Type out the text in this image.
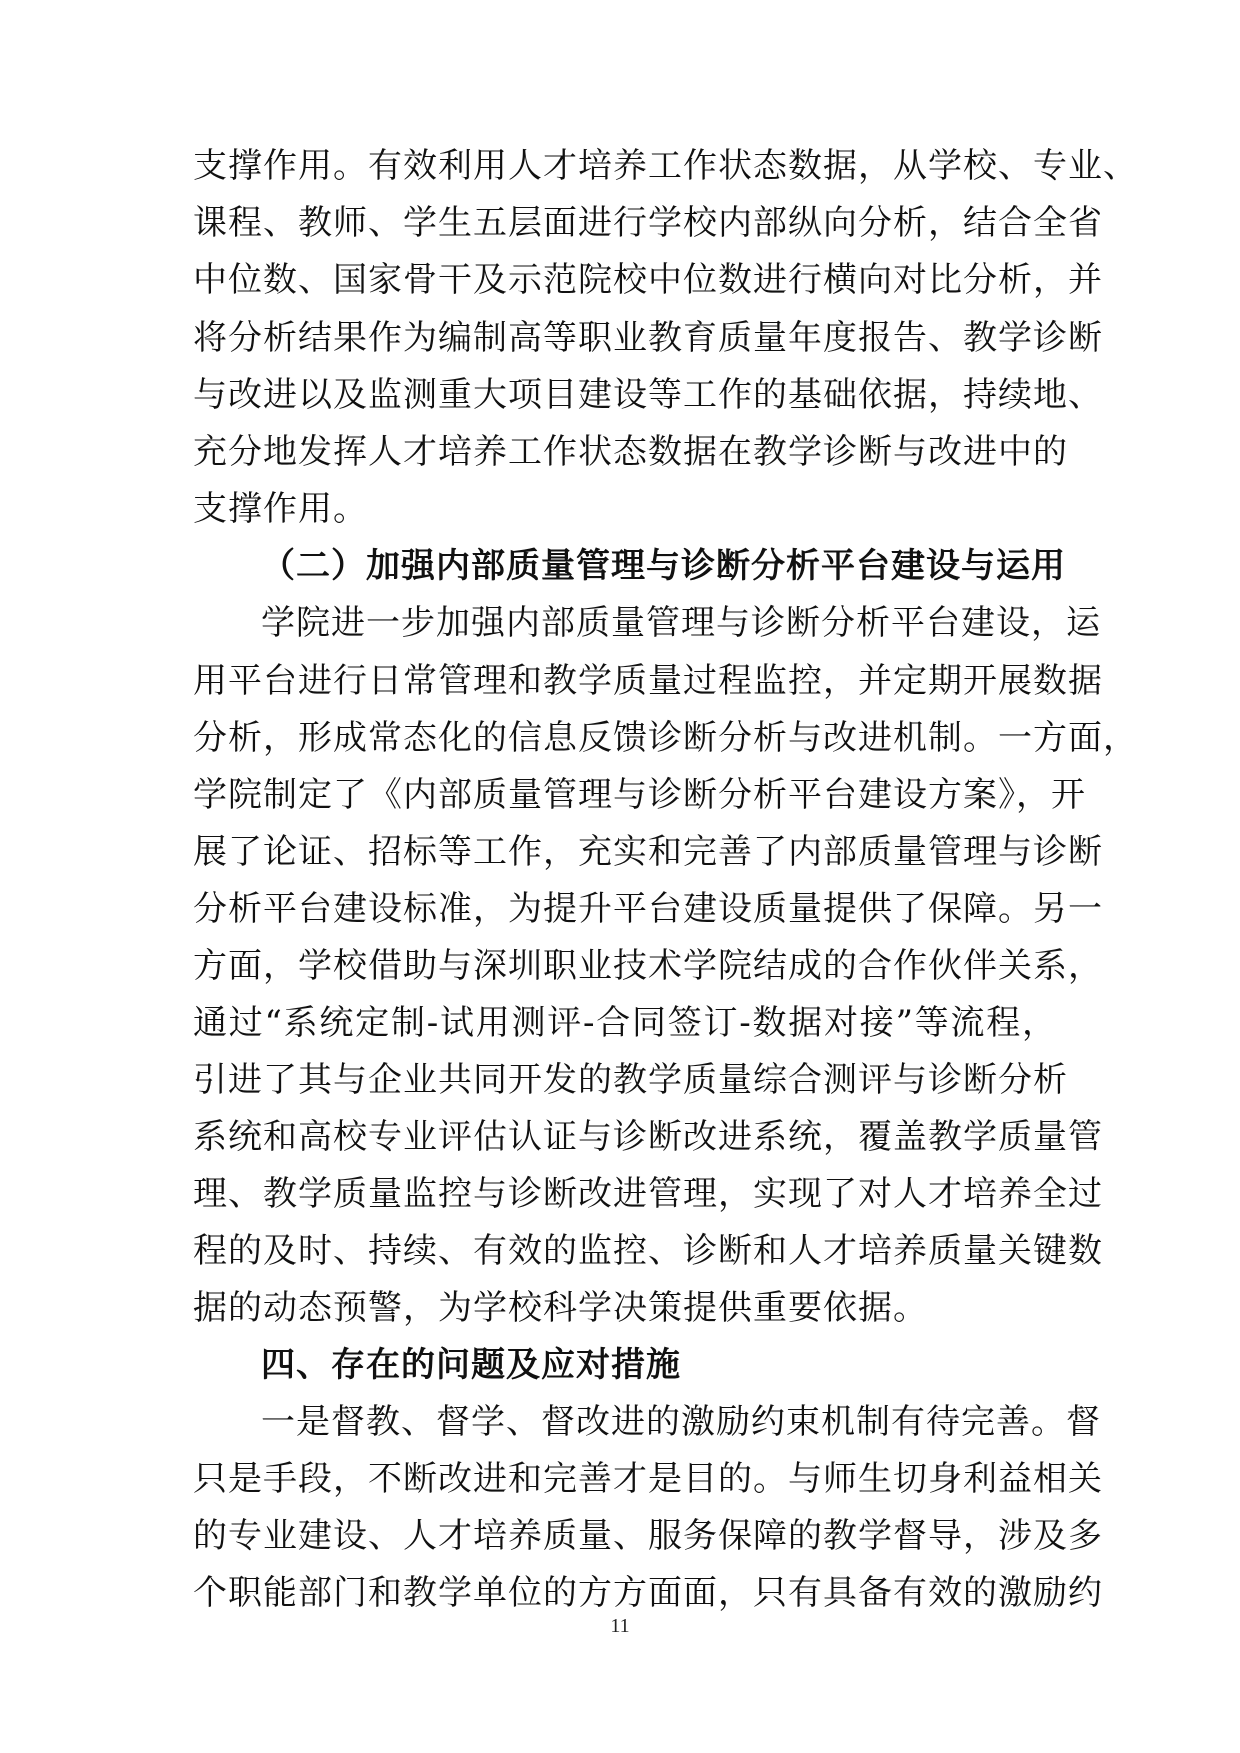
支撑作用。有效利用人才培养工作状态数据，从学校、专业、
课程、教师、学生五层面进行学校内部纵向分析，结合全省
中位数、国家骨干及示范院校中位数进行横向对比分析，并
将分析结果作为编制高等职业教育质量年度报告、教学诊断
与改进以及监测重大项目建设等工作的基础依据，持续地、
充分地发挥人才培养工作状态数据在教学诊断与改进中的
支撑作用。
（二）加强内部质量管理与诊断分析平台建设与运用
学院进一步加强内部质量管理与诊断分析平台建设，运
用平台进行日常管理和教学质量过程监控，并定期开展数据
分析，形成常态化的信息反馈诊断分析与改进机制。一方面，
学院制定了《内部质量管理与诊断分析平台建设方案》，开
展了论证、招标等工作，充实和完善了内部质量管理与诊断
分析平台建设标准，为提升平台建设质量提供了保障。另一
方面，学校借助与深圳职业技术学院结成的合作伙伴关系，
通过“系统定制-试用测评-合同签订-数据对接”等流程，
引进了其与企业共同开发的教学质量综合测评与诊断分析
系统和高校专业评估认证与诊断改进系统，覆盖教学质量管
理、教学质量监控与诊断改进管理，实现了对人才培养全过
程的及时、持续、有效的监控、诊断和人才培养质量关键数
据的动态预警，为学校科学决策提供重要依据。
四、存在的问题及应对措施
一是督教、督学、督改进的激励约束机制有待完善。督
只是手段，不断改进和完善才是目的。与师生切身利益相关
的专业建设、人才培养质量、服务保障的教学督导，涉及多
个职能部门和教学单位的方方面面，只有具备有效的激励约
11
